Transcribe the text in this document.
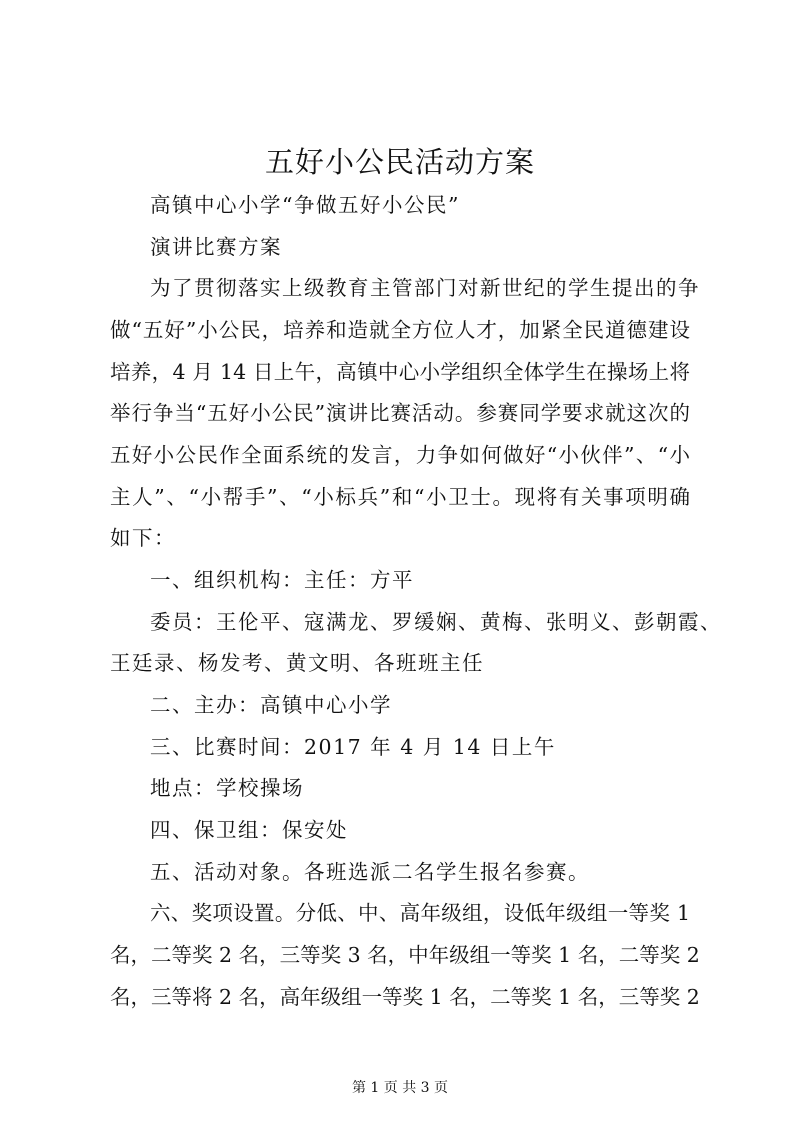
五好小公民活动方案

高镇中心小学“争做五好小公民”

演讲比赛方案

为了贯彻落实上级教育主管部门对新世纪的学生提出的争

做“五好”小公民，培养和造就全方位人才，加紧全民道德建设

培养，4 月 14 日上午，高镇中心小学组织全体学生在操场上将

举行争当“五好小公民”演讲比赛活动。参赛同学要求就这次的

五好小公民作全面系统的发言，力争如何做好“小伙伴”、“小

主人”、“小帮手”、“小标兵”和“小卫士。现将有关事项明确

如下：

一、组织机构：主任：方平

委员：王伦平、寇满龙、罗缓娴、黄梅、张明义、彭朝霞、

王廷录、杨发考、黄文明、各班班主任

二、主办：高镇中心小学

三、比赛时间：2017 年 4 月 14 日上午

地点：学校操场

四、保卫组：保安处

五、活动对象。各班选派二名学生报名参赛。

六、奖项设置。分低、中、高年级组，设低年级组一等奖 1

名，二等奖 2 名，三等奖 3 名，中年级组一等奖 1 名，二等奖 2

名，三等将 2 名，高年级组一等奖 1 名，二等奖 1 名，三等奖 2

第 1 页 共 3 页
